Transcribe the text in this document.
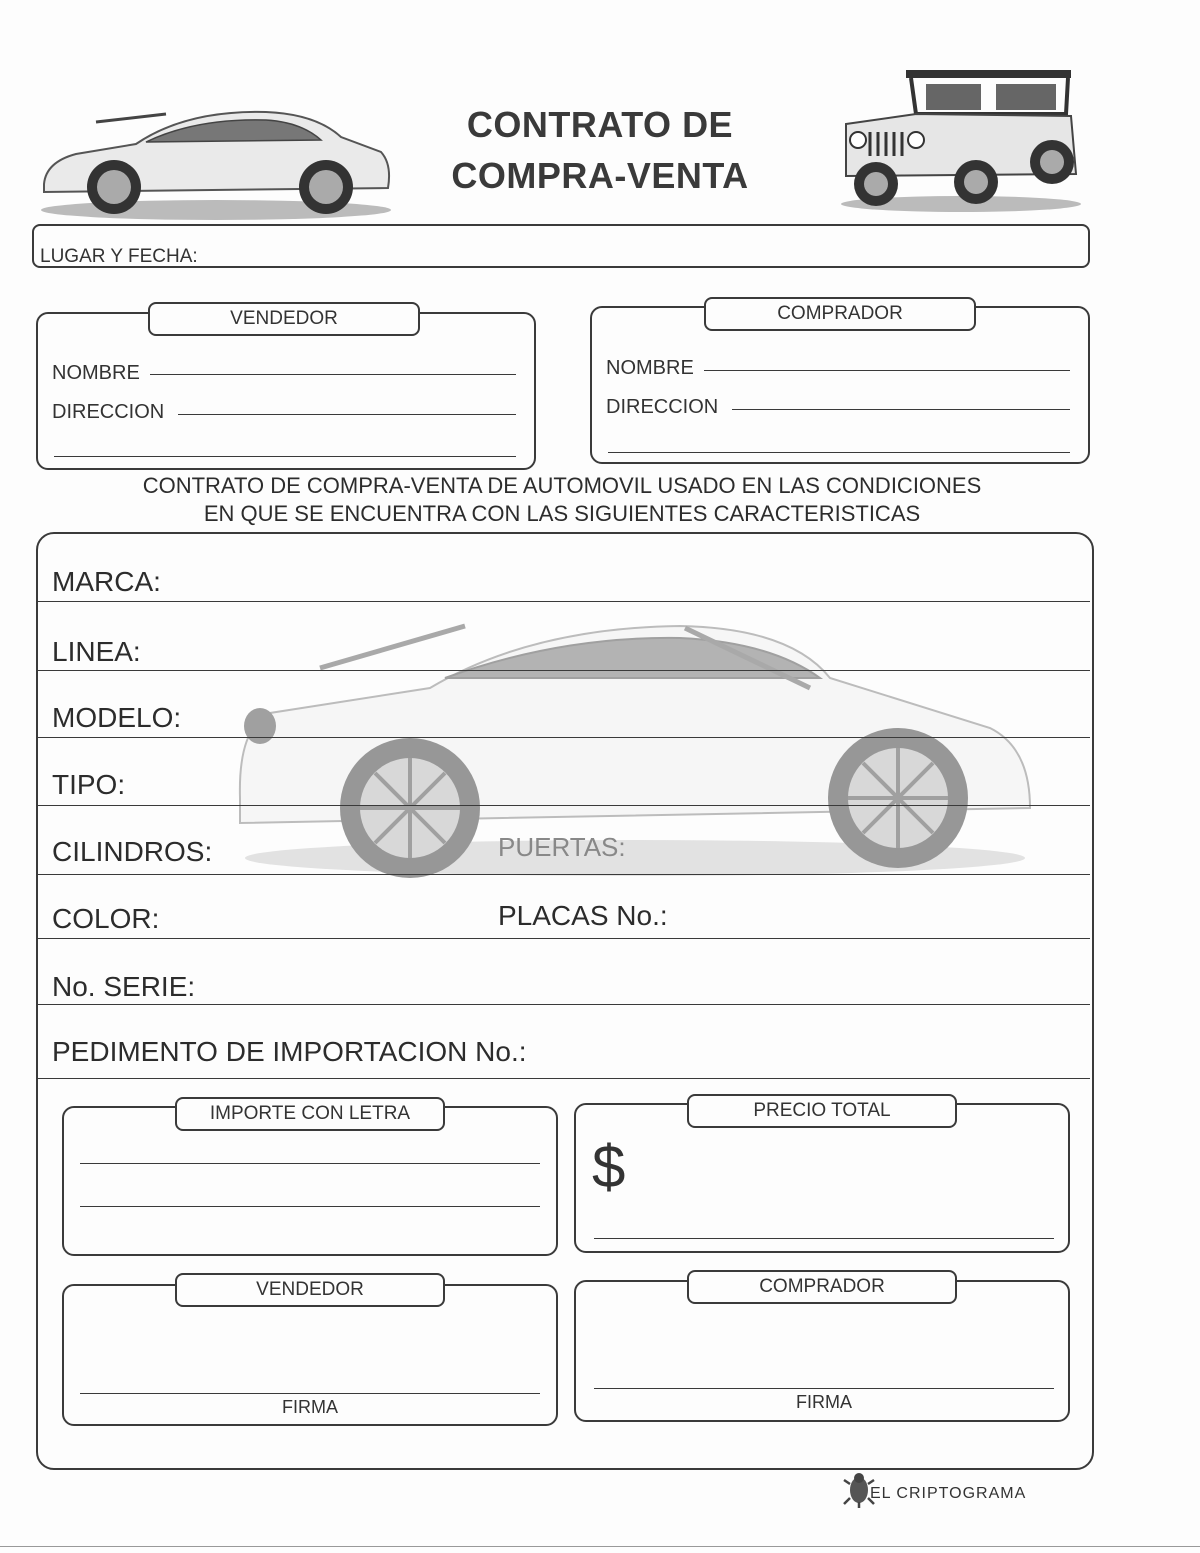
CONTRATO DE
COMPRA-VENTA
LUGAR Y FECHA:
VENDEDOR
NOMBRE
DIRECCION
COMPRADOR
NOMBRE
DIRECCION
CONTRATO DE COMPRA-VENTA DE AUTOMOVIL USADO EN LAS CONDICIONES
EN QUE SE ENCUENTRA CON LAS SIGUIENTES CARACTERISTICAS
MARCA:
LINEA:
MODELO:
TIPO:
CILINDROS:	PUERTAS:
COLOR:	PLACAS No.:
No. SERIE:
PEDIMENTO DE IMPORTACION No.:
IMPORTE CON LETRA	PRECIO TOTAL
$
VENDEDOR
FIRMA
COMPRADOR
FIRMA
EL CRIPTOGRAMA
